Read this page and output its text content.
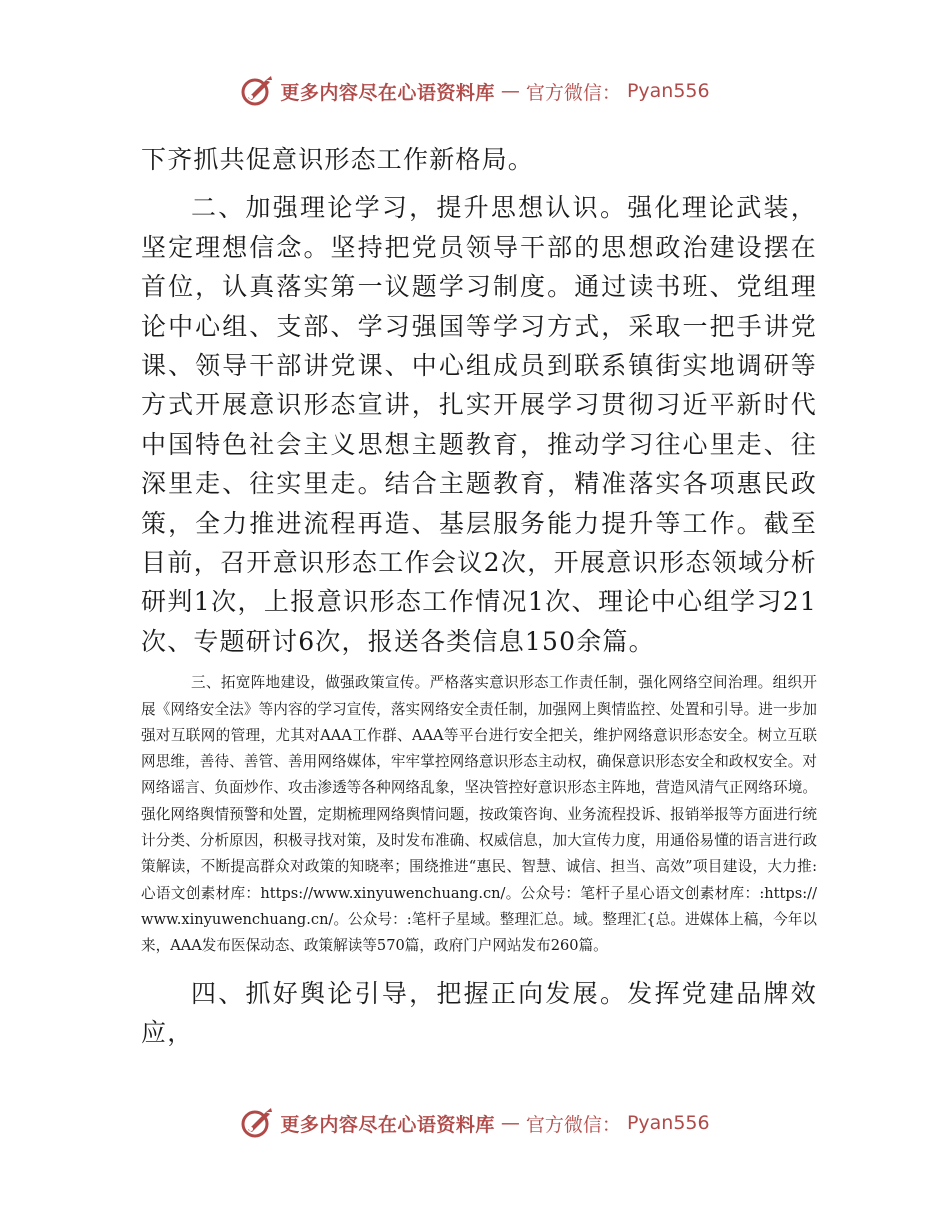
更多内容尽在心语资料库 — 官方微信： Pyan556

下齐抓共促意识形态工作新格局。

二、加强理论学习，提升思想认识。强化理论武装，坚定理想信念。坚持把党员领导干部的思想政治建设摆在首位，认真落实第一议题学习制度。通过读书班、党组理论中心组、支部、学习强国等学习方式，采取一把手讲党课、领导干部讲党课、中心组成员到联系镇街实地调研等方式开展意识形态宣讲，扎实开展学习贯彻习近平新时代中国特色社会主义思想主题教育，推动学习往心里走、往深里走、往实里走。结合主题教育，精准落实各项惠民政策，全力推进流程再造、基层服务能力提升等工作。截至目前，召开意识形态工作会议2次，开展意识形态领域分析研判1次，上报意识形态工作情况1次、理论中心组学习21次、专题研讨6次，报送各类信息150余篇。

三、拓宽阵地建设，做强政策宣传。严格落实意识形态工作责任制，强化网络空间治理。组织开展《网络安全法》等内容的学习宣传，落实网络安全责任制，加强网上舆情监控、处置和引导。进一步加强对互联网的管理，尤其对AAA工作群、AAA等平台进行安全把关，维护网络意识形态安全。树立互联网思维，善待、善管、善用网络媒体，牢牢掌控网络意识形态主动权，确保意识形态安全和政权安全。对网络谣言、负面炒作、攻击渗透等各种网络乱象，坚决管控好意识形态主阵地，营造风清气正网络环境。强化网络舆情预警和处置，定期梳理网络舆情问题，按政策咨询、业务流程投诉、报销举报等方面进行统计分类、分析原因，积极寻找对策，及时发布准确、权威信息，加大宣传力度，用通俗易懂的语言进行政策解读，不断提高群众对政策的知晓率；围绕推进“惠民、智慧、诚信、担当、高效”项目建设，大力推:心语文创素材库：https://www.xinyuwenchuang.cn/。公众号：笔杆子星心语文创素材库：:https://www.xinyuwenchuang.cn/。公众号：:笔杆子星域。整理汇总。域。整理汇{总。进媒体上稿，今年以来，AAA发布医保动态、政策解读等570篇，政府门户网站发布260篇。

四、抓好舆论引导，把握正向发展。发挥党建品牌效应，

更多内容尽在心语资料库 — 官方微信： Pyan556
